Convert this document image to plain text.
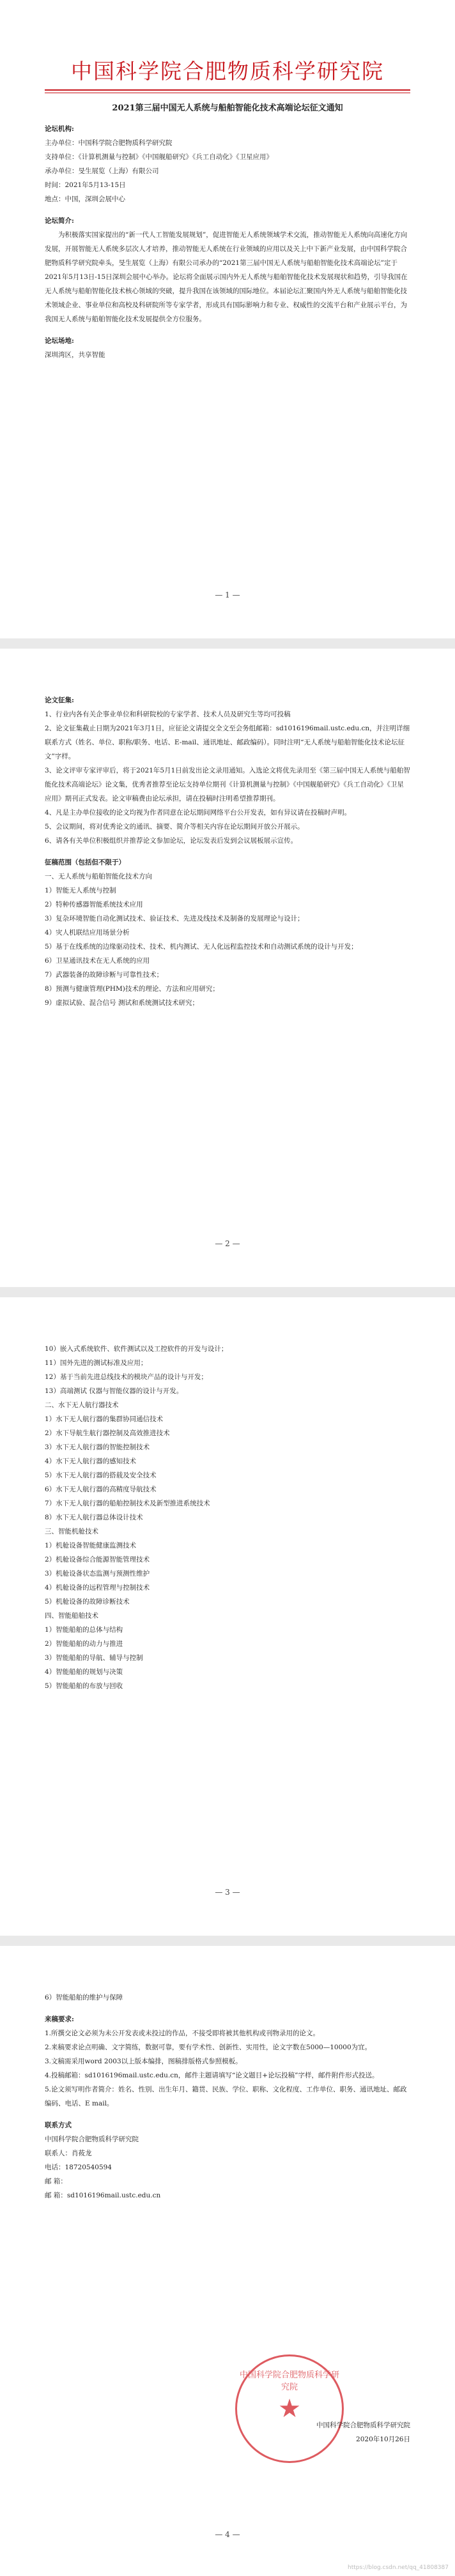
中国科学院合肥物质科学研究院
2021第三届中国无人系统与船舶智能化技术高端论坛征文通知

论坛机构:

主办单位：中国科学院合肥物质科学研究院

支持单位：《计算机测量与控制》《中国舰船研究》《兵工自动化》《卫星应用》

承办单位：旻生展览（上海）有限公司

时间：2021年5月13-15日

地点：中国，深圳会展中心

论坛简介:

为积极落实国家提出的“新一代人工智能发展规划”，促进智能无人系统领域学术交流，推动智能无人系统向高速化方向发展，开展智能无人系统多层次人才培养，推动智能无人系统在行业领域的应用以及关上中下新产业发展，由中国科学院合肥物质科学研究院牵头，旻生展览（上海）有限公司承办的“2021第三届中国无人系统与船舶智能化技术高端论坛”定于2021年5月13日-15日深圳会展中心举办。论坛将全面展示国内外无人系统与船舶智能化技术发展现状和趋势，引导我国在无人系统与船舶智能化技术核心领域的突破，提升我国在该领域的国际地位。本届论坛汇聚国内外无人系统与船舶智能化技术领域企业、事业单位和高校及科研院所等专家学者，形成具有国际影响力和专业、权威性的交流平台和产业展示平台，为我国无人系统与船舶智能化技术发展提供全方位服务。

论坛场地:

深圳湾区，共享智能

— 1 —

论文征集:

1、行业内各有关企事业单位和科研院校的专家学者、技术人员及研究生等均可投稿

2、论文征集截止日期为2021年3月1日，应征论文请提交全文至会务组邮箱：sd1016196mail.ustc.edu.cn，并注明详细联系方式（姓名、单位、职称/职务、电话、E-mail、通讯地址、邮政编码）。同时注明“无人系统与船舶智能化技术论坛征文”字样。

3、论文评审专家评审后，将于2021年5月1日前发出论文录用通知。入选论文将优先录用至《第三届中国无人系统与船舶智能化技术高端论坛》论文集，优秀者推荐至论坛支持单位期刊《计算机测量与控制》《中国舰船研究》《兵工自动化》《卫星应用》期刊正式发表。论文审稿费由论坛承担，请在投稿时注明希望推荐期刊。

4、凡是主办单位接收的论文均视为作者同意在论坛期间网络平台公开发表，如有异议请在投稿时声明。

5、会议期间，将对优秀论文的通讯、摘要、简介等相关内容在论坛期间开放公开展示。

6、请各有关单位积极组织并推荐论文参加论坛，论坛发表后发到会议展板展示宣传。

征稿范围（包括但不限于）

一、无人系统与船舶智能化技术方向

1）智能无人系统与控制

2）特种传感器智能系统技术应用

3）复杂环境智能自动化测试技术、验证技术、先进及线技术及制备的发展理论与设计；

4）灾人机联结应用场景分析

5）基于在线系统的边缘驱动技术、技术、机内测试、无人化远程监控技术和自动测试系统的设计与开发；

6）卫星通讯技术在无人系统的应用

7）武器装备的故障诊断与可靠性技术；

8）预测与健康管理(PHM)技术的理论、方法和应用研究；

9）虚拟试验、混合信号 测试和系统测试技术研究；

— 2 —

10）嵌入式系统软件、软件测试以及工控软件的开发与设计；

11）国外先进的测试标准及应用；

12）基于当前先进总线技术的模块产品的设计与开发；

13）高端测试 仪器与智能仪器的设计与开发。

二、水下无人航行器技术

1）水下无人航行器的集群协同通信技术

2）水下导航生航行器控制及高效推进技术

3）水下无人航行器的智能控制技术

4）水下无人航行器的感知技术

5）水下无人航行器的搭载及安全技术

6）水下无人航行器的高精度导航技术

7）水下无人航行器的船舶控制技术及新型推进系统技术

8）水下无人航行器总体设计技术

三、智能机舱技术

1）机舱设备智能健康监测技术

2）机舱设备综合能源智能管理技术

3）机舱设备状态监测与预测性维护

4）机舱设备的远程管理与控制技术

5）机舱设备的故障诊断技术

四、智能船舶技术

1）智能船舶的总体与结构

2）智能船舶的动力与推进

3）智能船舶的导航、辅导与控制

4）智能船舶的规划与决策

5）智能船舶的布放与回收

— 3 —

6）智能船舶的维护与保障

来稿要求:

1.所撰交论文必须为未公开发表或未投过的作品，不接受即将被其他机构或刊物录用的论文。

2.来稿要求论点明确、文字简练，数据可靠，要有学术性、创新性、实用性，论文字数在5000—10000为宜。

3.文稿需采用word 2003以上版本编排，图稿排版格式参照模板。

4.投稿邮箱：sd1016196mail.ustc.edu.cn，邮件主题请填写“论文题目+论坛投稿”字样，邮件附件形式投送。

5.论文须写明作者简介：姓名、性别、出生年月、籍贯、民族、学位、职称、文化程度、工作单位、职务、通讯地址、邮政编码、电话、E mail。

联系方式

中国科学院合肥物质科学研究院

联系人：肖莜龙

电话：18720540594

邮 箱：

邮 箱：sd1016196mail.ustc.edu.cn

中国科学院合肥物质科学研究院
★
中国科学院合肥物质科学研究院
2020年10月26日
— 4 —
https://blog.csdn.net/qq_41808387
